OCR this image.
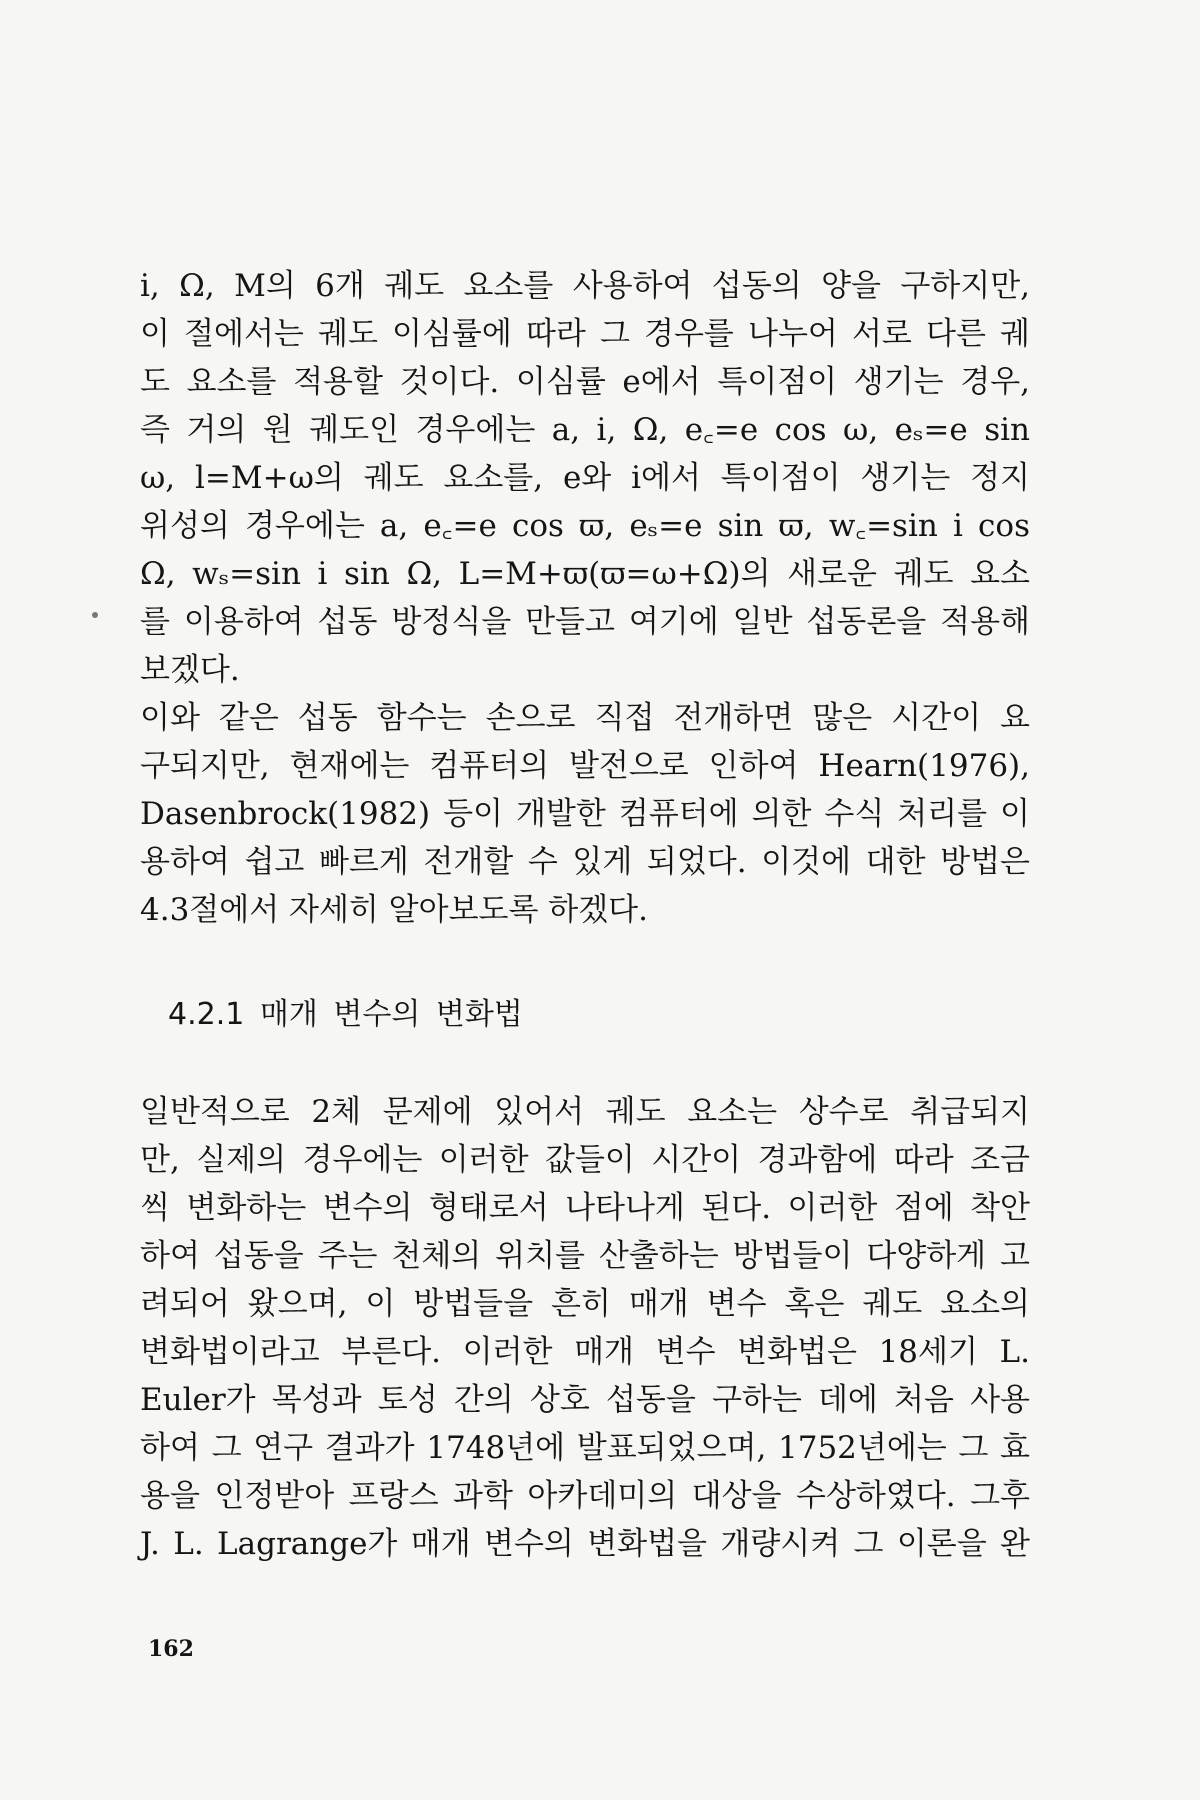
i, Ω, M의 6개 궤도 요소를 사용하여 섭동의 양을 구하지만,
이 절에서는 궤도 이심률에 따라 그 경우를 나누어 서로 다른 궤
도 요소를 적용할 것이다. 이심률 e에서 특이점이 생기는 경우,
즉 거의 원 궤도인 경우에는 a, i, Ω, e꜀=e cos ω, eₛ=e sin
ω, l=M+ω의 궤도 요소를, e와 i에서 특이점이 생기는 정지
위성의 경우에는 a, e꜀=e cos ϖ, eₛ=e sin ϖ, w꜀=sin i cos
Ω, wₛ=sin i sin Ω, L=M+ϖ(ϖ=ω+Ω)의 새로운 궤도 요소
를 이용하여 섭동 방정식을 만들고 여기에 일반 섭동론을 적용해
보겠다.
이와 같은 섭동 함수는 손으로 직접 전개하면 많은 시간이 요
구되지만, 현재에는 컴퓨터의 발전으로 인하여 Hearn(1976),
Dasenbrock(1982) 등이 개발한 컴퓨터에 의한 수식 처리를 이
용하여 쉽고 빠르게 전개할 수 있게 되었다. 이것에 대한 방법은
4.3절에서 자세히 알아보도록 하겠다.
4.2.1 매개 변수의 변화법
일반적으로 2체 문제에 있어서 궤도 요소는 상수로 취급되지
만, 실제의 경우에는 이러한 값들이 시간이 경과함에 따라 조금
씩 변화하는 변수의 형태로서 나타나게 된다. 이러한 점에 착안
하여 섭동을 주는 천체의 위치를 산출하는 방법들이 다양하게 고
려되어 왔으며, 이 방법들을 흔히 매개 변수 혹은 궤도 요소의
변화법이라고 부른다. 이러한 매개 변수 변화법은 18세기 L.
Euler가 목성과 토성 간의 상호 섭동을 구하는 데에 처음 사용
하여 그 연구 결과가 1748년에 발표되었으며, 1752년에는 그 효
용을 인정받아 프랑스 과학 아카데미의 대상을 수상하였다. 그후
J. L. Lagrange가 매개 변수의 변화법을 개량시켜 그 이론을 완
162
